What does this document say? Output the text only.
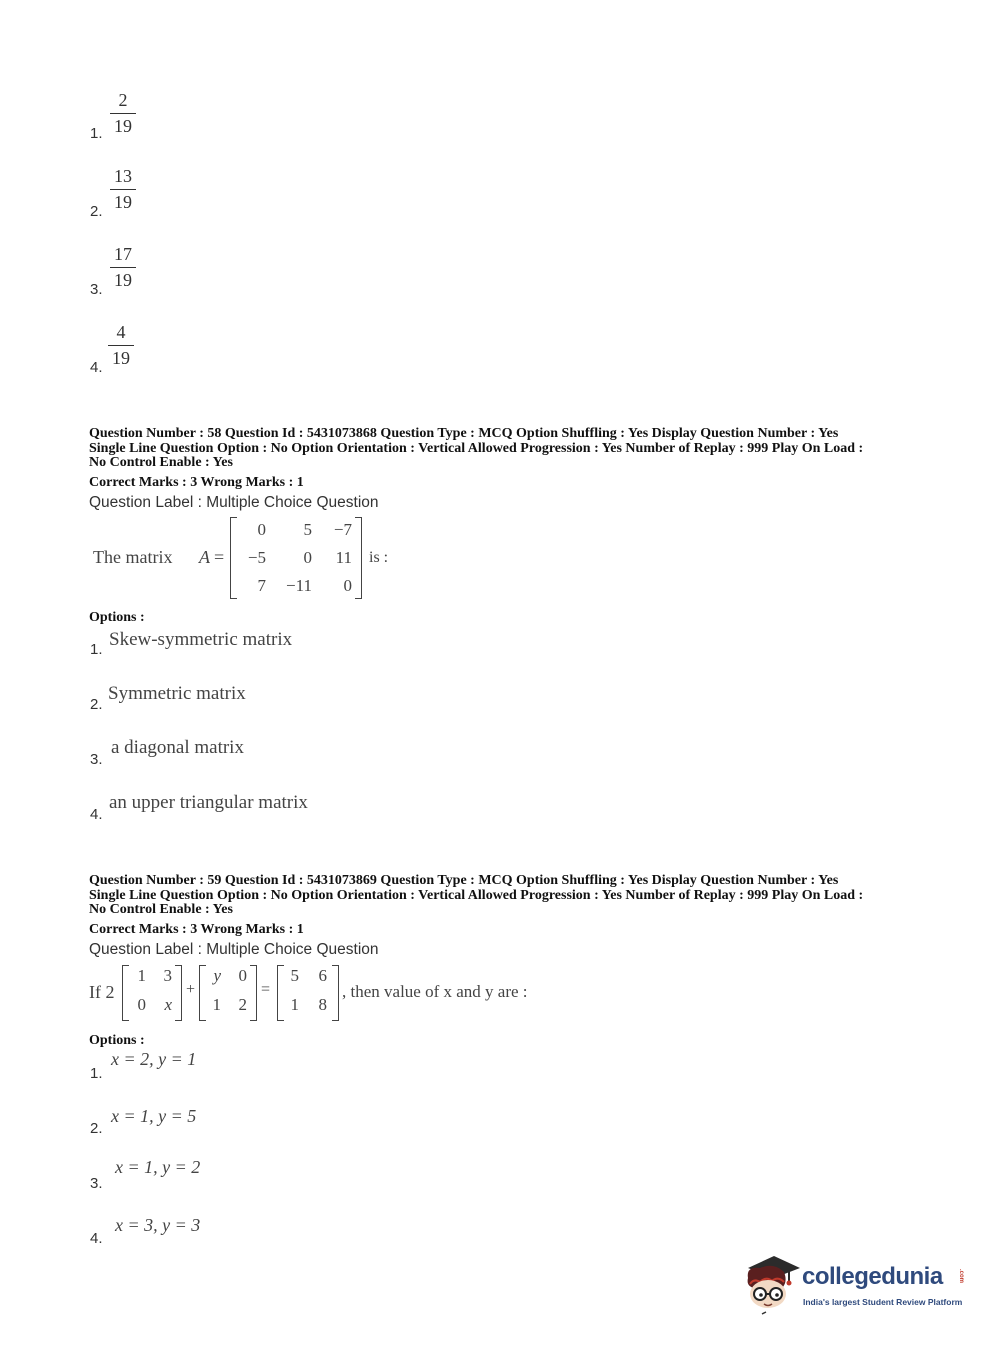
1.
2
19
2.
13
19
3.
17
19
4.
4
19
Question Number : 58 Question Id : 5431073868 Question Type : MCQ Option Shuffling : Yes Display Question Number : Yes
Single Line Question Option : No Option Orientation : Vertical Allowed Progression : Yes Number of Replay : 999 Play On Load :
No Control Enable : Yes
Correct Marks : 3 Wrong Marks : 1
Question Label : Multiple Choice Question
The matrix A =
0	5	−7
−5	0	11
7	−11	0
is :
Options :
1. Skew-symmetric matrix
2.
Symmetric matrix
3.
a diagonal matrix
4.
an upper triangular matrix
Question Number : 59 Question Id : 5431073869 Question Type : MCQ Option Shuffling : Yes Display Question Number : Yes
Single Line Question Option : No Option Orientation : Vertical Allowed Progression : Yes Number of Replay : 999 Play On Load :
No Control Enable : Yes
Correct Marks : 3 Wrong Marks : 1
Question Label : Multiple Choice Question
If 2
1	3
0	x
+
y	0
1	2
=
5	6
1	8
, then value of x and y are :
Options :
1.
x = 2, y = 1
2.
x = 1, y = 5
3.
x = 1, y = 2
4.
x = 3, y = 3
collegedunia	.com
India's largest Student Review Platform
